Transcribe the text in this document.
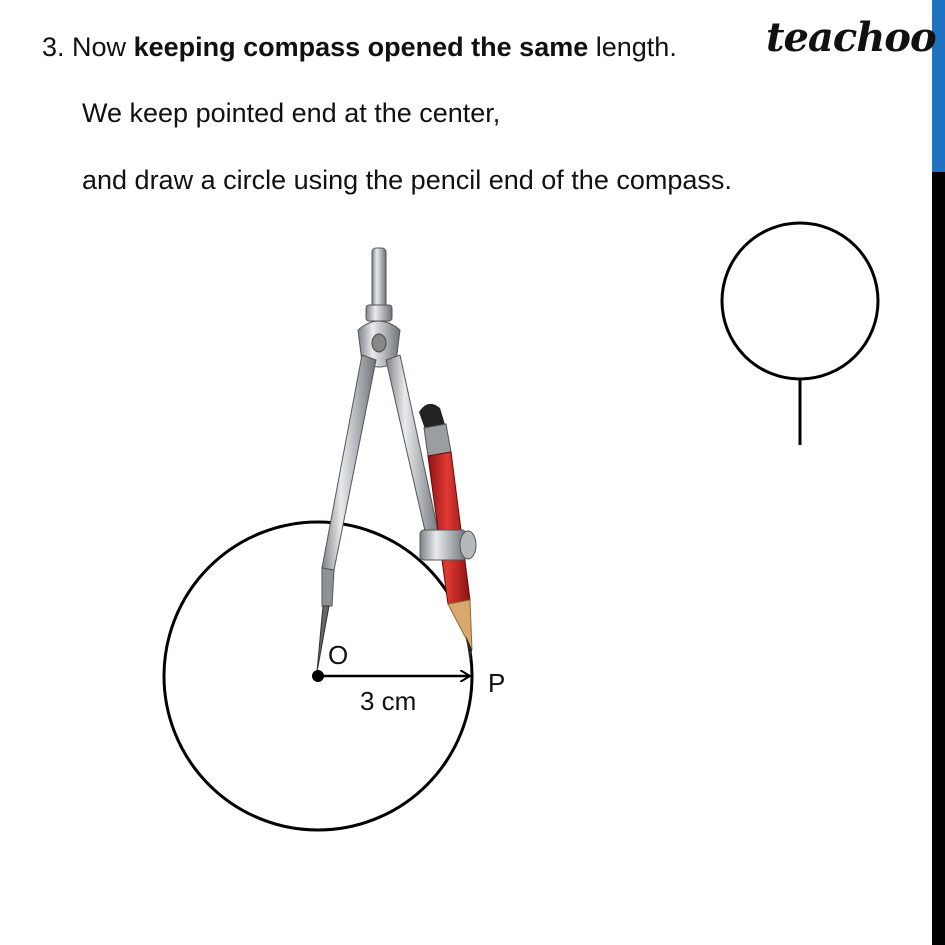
3. Now keeping compass opened the same length.
We keep pointed end at the center,
and draw a circle using the pencil end of the compass.
teachoo
O
P
3 cm
